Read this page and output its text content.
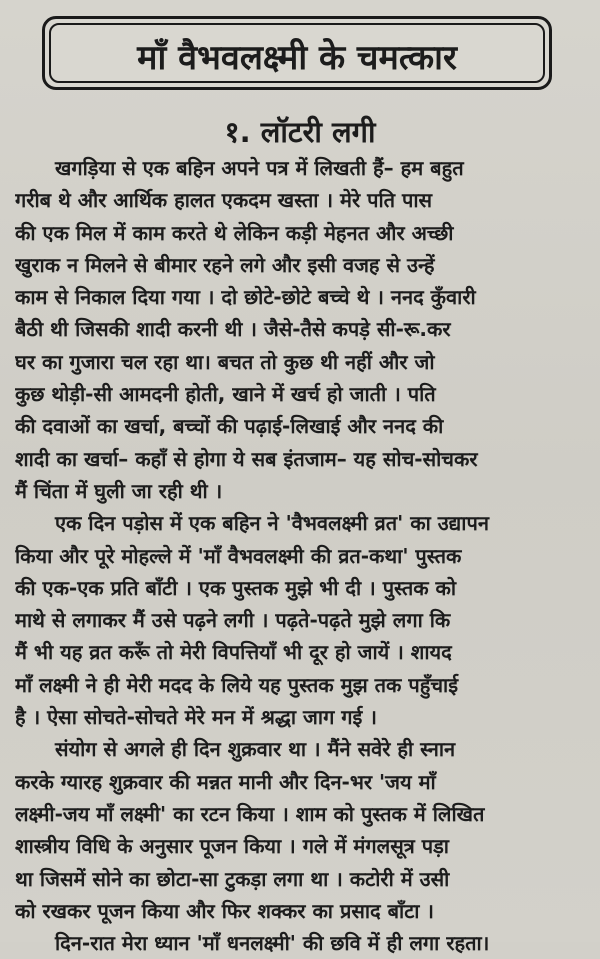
माँ वैभवलक्ष्मी के चमत्कार
१. लॉटरी लगी
खगड़िया से एक बहिन अपने पत्र में लिखती हैं– हम बहुत
गरीब थे और आर्थिक हालत एकदम खस्ता । मेरे पति पास
की एक मिल में काम करते थे लेकिन कड़ी मेहनत और अच्छी
खुराक न मिलने से बीमार रहने लगे और इसी वजह से उन्हें
काम से निकाल दिया गया । दो छोटे-छोटे बच्चे थे । ननद कुँवारी
बैठी थी जिसकी शादी करनी थी । जैसे-तैसे कपड़े सी-रू.कर
घर का गुजारा चल रहा था। बचत तो कुछ थी नहीं और जो
कुछ थोड़ी-सी आमदनी होती, खाने में खर्च हो जाती । पति
की दवाओं का खर्चा, बच्चों की पढ़ाई-लिखाई और ननद की
शादी का खर्चा– कहाँ से होगा ये सब इंतजाम– यह सोच-सोचकर
मैं चिंता में घुली जा रही थी ।
एक दिन पड़ोस में एक बहिन ने 'वैभवलक्ष्मी व्रत' का उद्यापन
किया और पूरे मोहल्ले में 'माँ वैभवलक्ष्मी की व्रत-कथा' पुस्तक
की एक-एक प्रति बाँटी । एक पुस्तक मुझे भी दी । पुस्तक को
माथे से लगाकर मैं उसे पढ़ने लगी । पढ़ते-पढ़ते मुझे लगा कि
मैं भी यह व्रत करूँ तो मेरी विपत्तियाँ भी दूर हो जायें । शायद
माँ लक्ष्मी ने ही मेरी मदद के लिये यह पुस्तक मुझ तक पहुँचाई
है । ऐसा सोचते-सोचते मेरे मन में श्रद्धा जाग गई ।
संयोग से अगले ही दिन शुक्रवार था । मैंने सवेरे ही स्नान
करके ग्यारह शुक्रवार की मन्नत मानी और दिन-भर 'जय माँ
लक्ष्मी-जय माँ लक्ष्मी' का रटन किया । शाम को पुस्तक में लिखित
शास्त्रीय विधि के अनुसार पूजन किया । गले में मंगलसूत्र पड़ा
था जिसमें सोने का छोटा-सा टुकड़ा लगा था । कटोरी में उसी
को रखकर पूजन किया और फिर शक्कर का प्रसाद बाँटा ।
दिन-रात मेरा ध्यान 'माँ धनलक्ष्मी' की छवि में ही लगा रहता।
